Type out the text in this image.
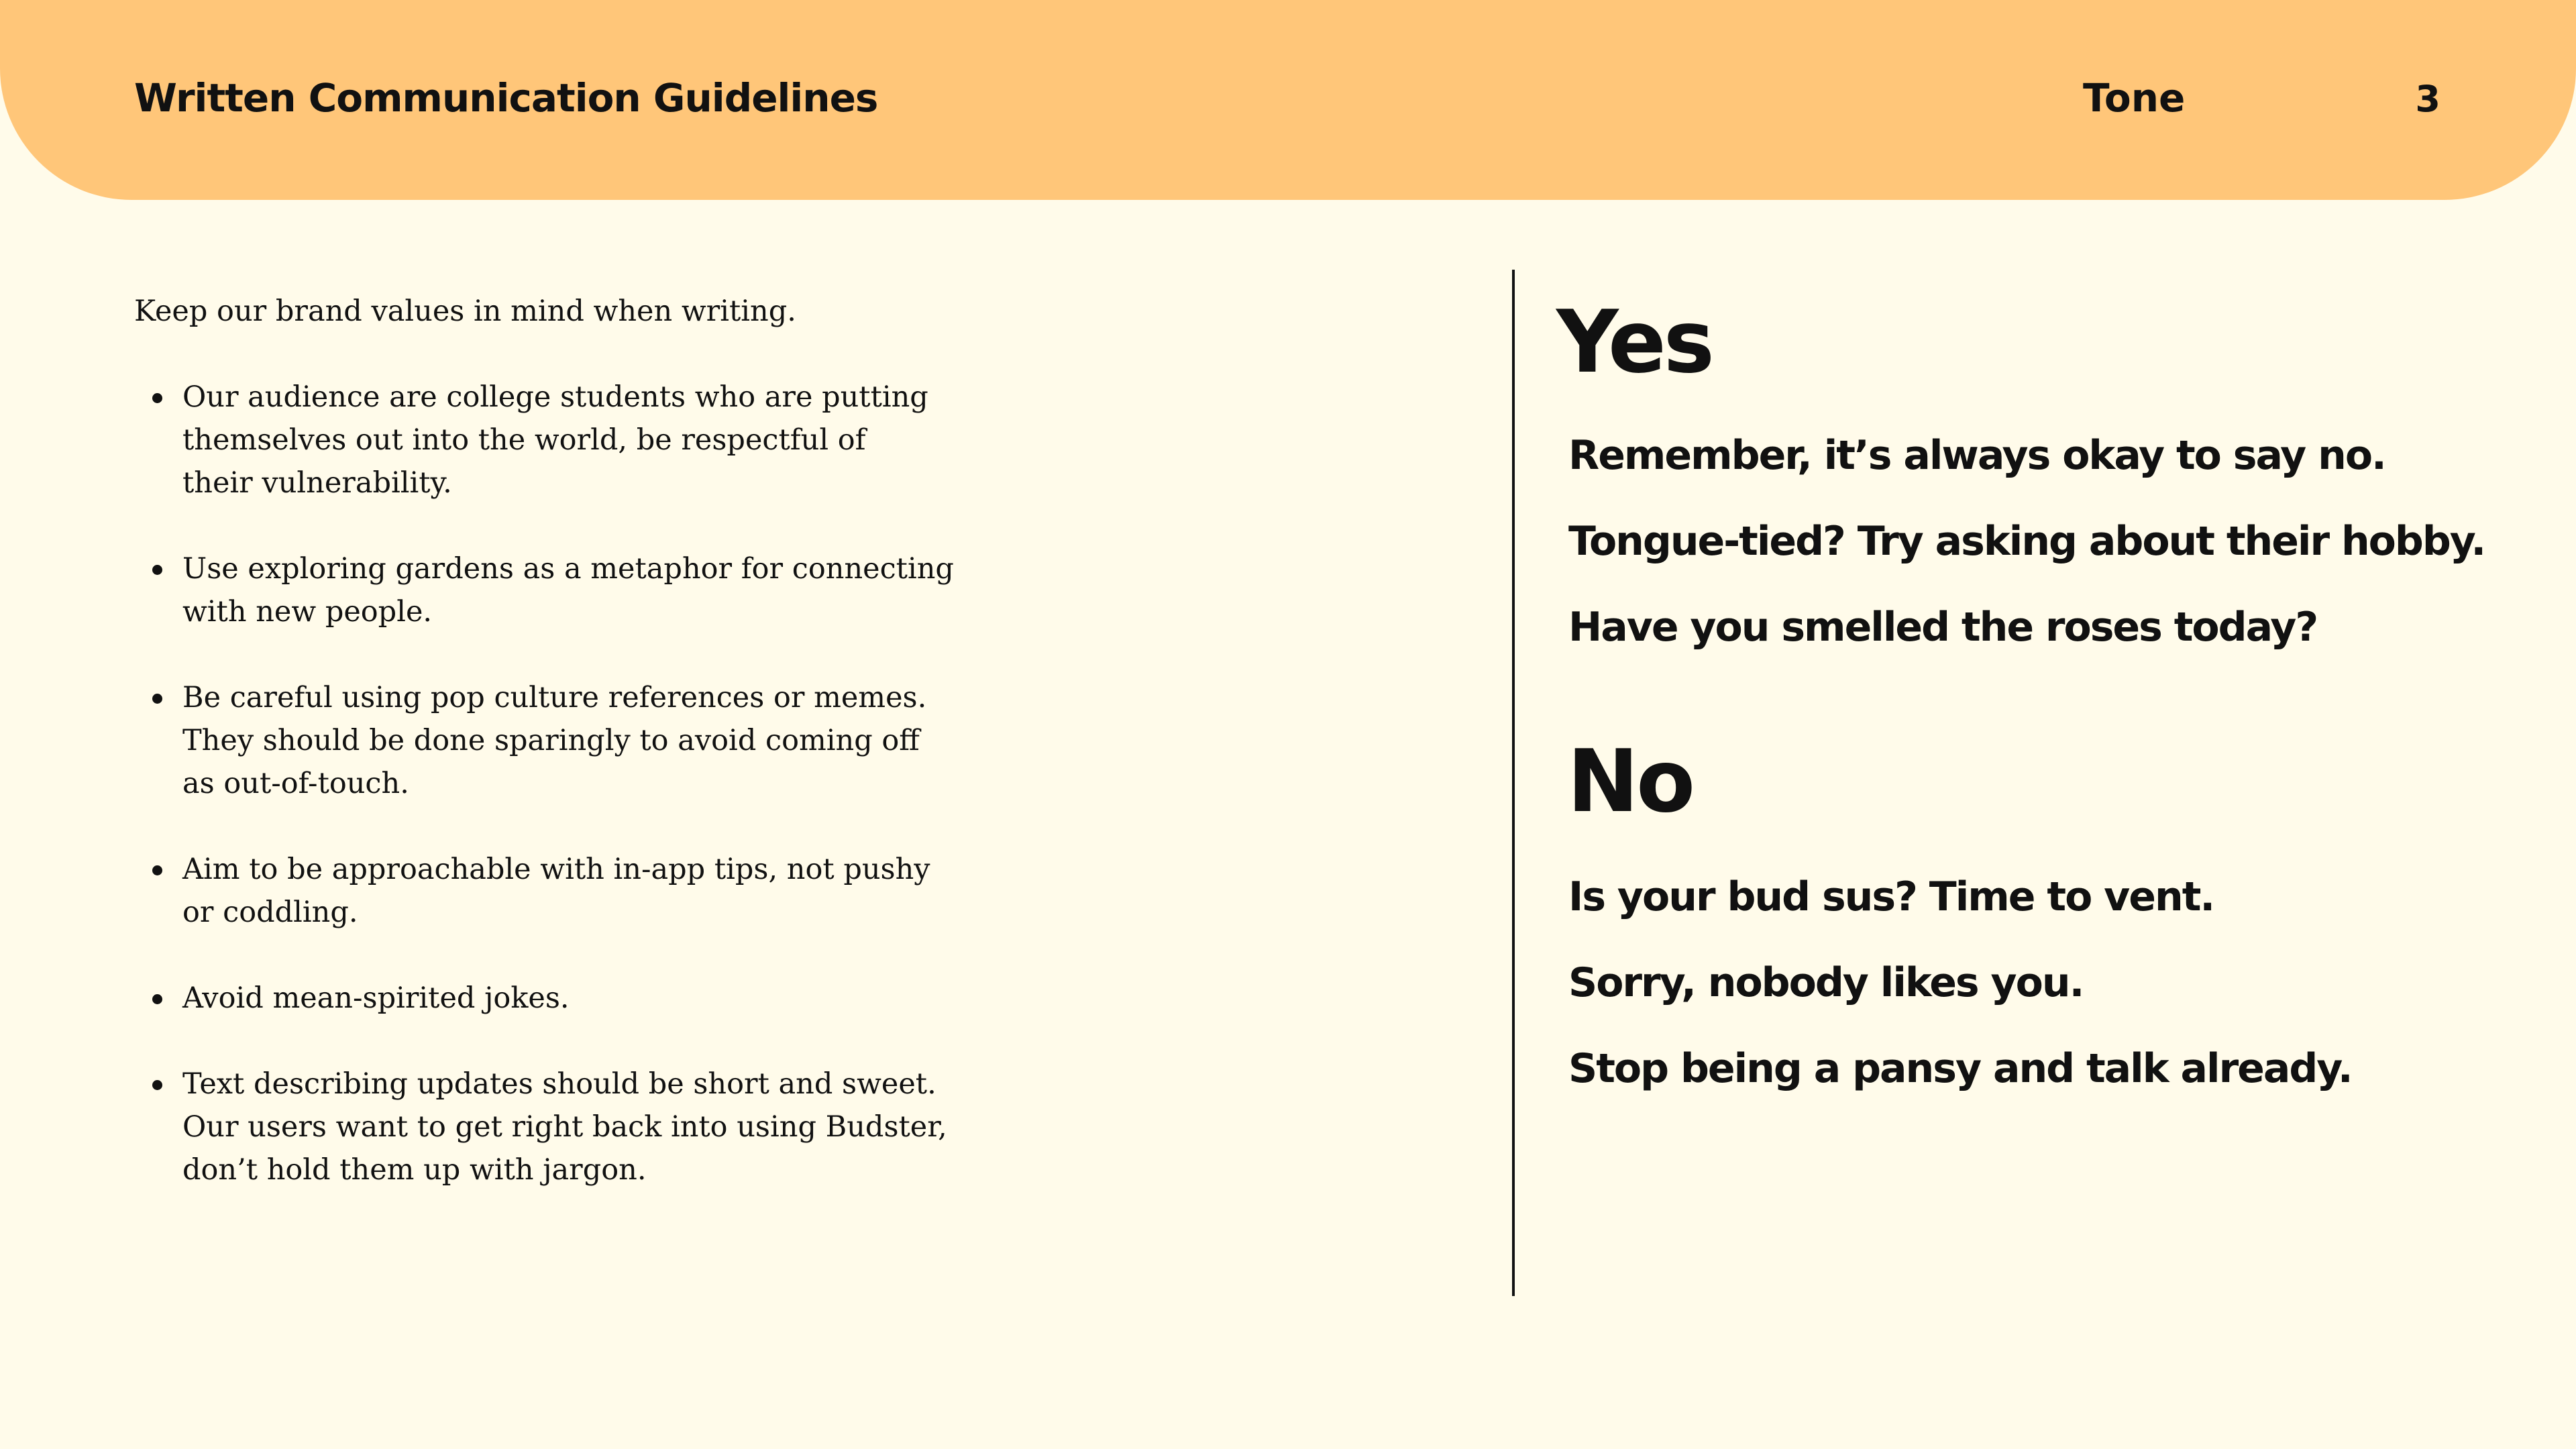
Written Communication Guidelines	Tone	3

Keep our brand values in mind when writing.

Our audience are college students who are putting
themselves out into the world, be respectful of
their vulnerability.
Use exploring gardens as a metaphor for connecting
with new people.
Be careful using pop culture references or memes.
They should be done sparingly to avoid coming off
as out-of-touch.
Aim to be approachable with in-app tips, not pushy
or coddling.
Avoid mean-spirited jokes.
Text describing updates should be short and sweet.
Our users want to get right back into using Budster,
don’t hold them up with jargon.
Yes
Remember, it’s always okay to say no.
Tongue-tied? Try asking about their hobby.
Have you smelled the roses today?
No
Is your bud sus? Time to vent.
Sorry, nobody likes you.
Stop being a pansy and talk already.
